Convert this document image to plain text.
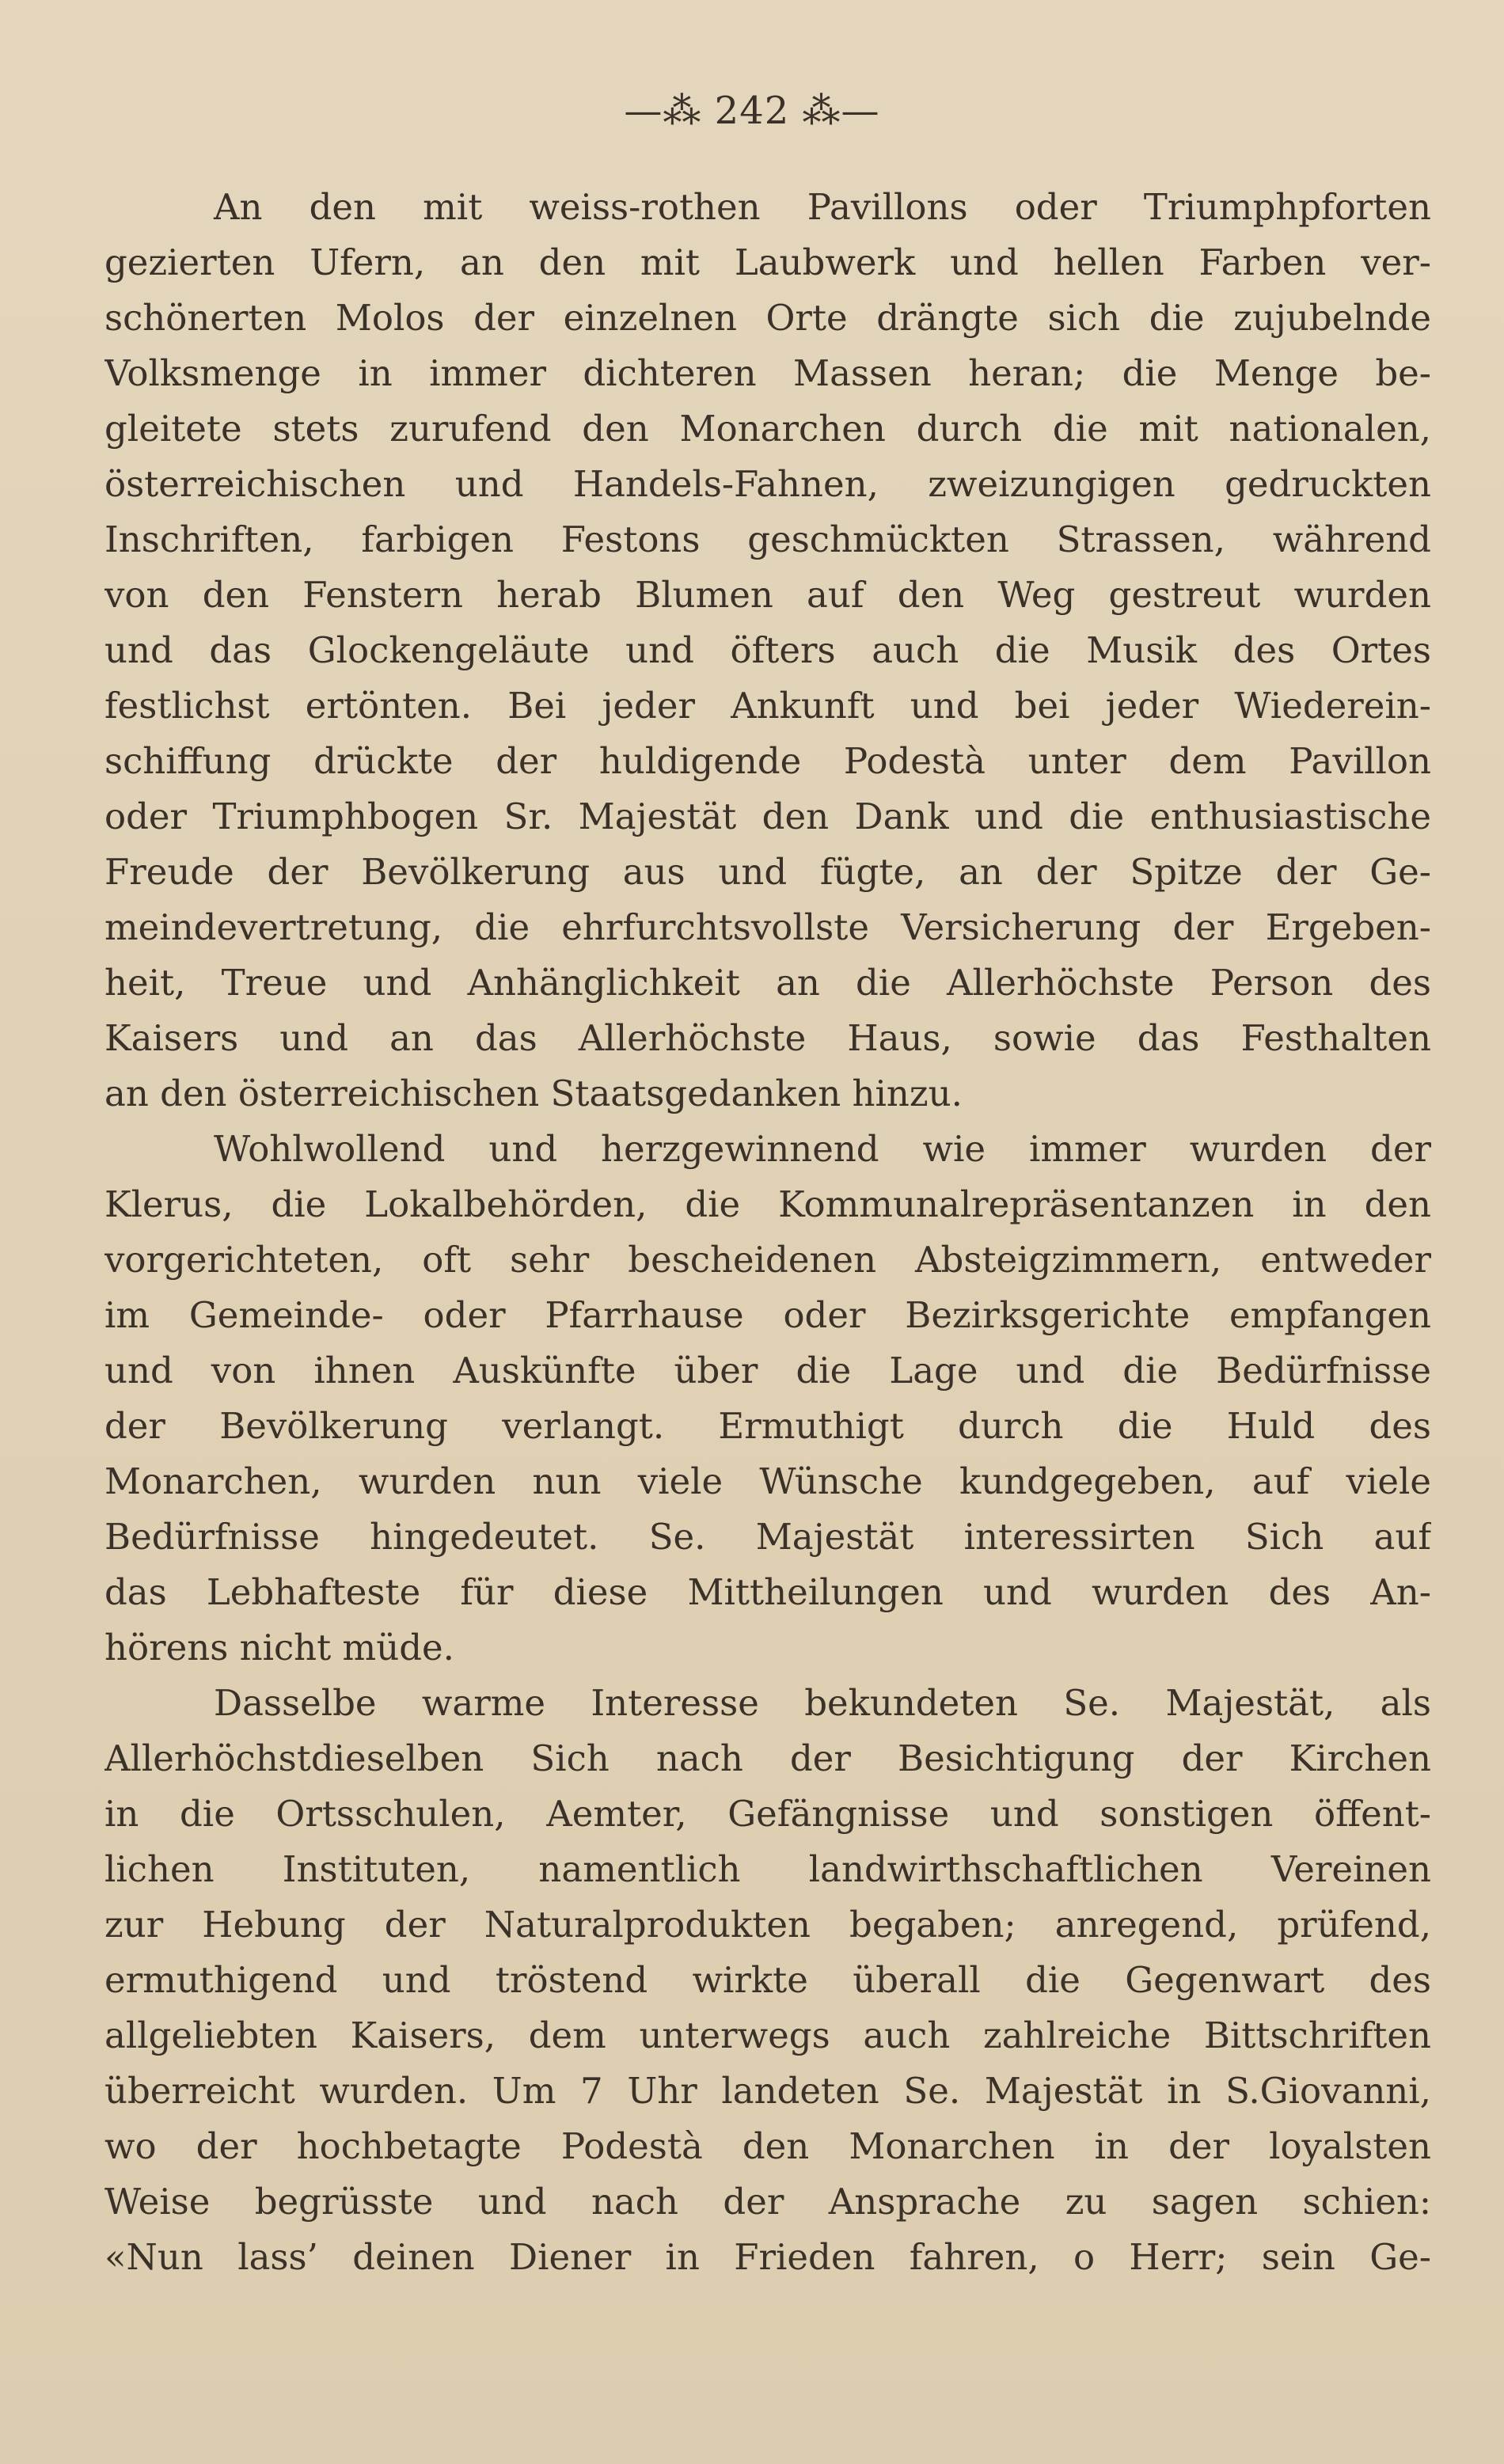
—⁂ 242 ⁂—
An den mit weiss-rothen Pavillons oder Triumphpforten
gezierten Ufern, an den mit Laubwerk und hellen Farben ver-
schönerten Molos der einzelnen Orte drängte sich die zujubelnde
Volksmenge in immer dichteren Massen heran; die Menge be-
gleitete stets zurufend den Monarchen durch die mit nationalen,
österreichischen und Handels-Fahnen, zweizungigen gedruckten
Inschriften, farbigen Festons geschmückten Strassen, während
von den Fenstern herab Blumen auf den Weg gestreut wurden
und das Glockengeläute und öfters auch die Musik des Ortes
festlichst ertönten. Bei jeder Ankunft und bei jeder Wiederein-
schiffung drückte der huldigende Podestà unter dem Pavillon
oder Triumphbogen Sr. Majestät den Dank und die enthusiastische
Freude der Bevölkerung aus und fügte, an der Spitze der Ge-
meindevertretung, die ehrfurchtsvollste Versicherung der Ergeben-
heit, Treue und Anhänglichkeit an die Allerhöchste Person des
Kaisers und an das Allerhöchste Haus, sowie das Festhalten
an den österreichischen Staatsgedanken hinzu.
Wohlwollend und herzgewinnend wie immer wurden der
Klerus, die Lokalbehörden, die Kommunalrepräsentanzen in den
vorgerichteten, oft sehr bescheidenen Absteigzimmern, entweder
im Gemeinde- oder Pfarrhause oder Bezirksgerichte empfangen
und von ihnen Auskünfte über die Lage und die Bedürfnisse
der Bevölkerung verlangt. Ermuthigt durch die Huld des
Monarchen, wurden nun viele Wünsche kundgegeben, auf viele
Bedürfnisse hingedeutet. Se. Majestät interessirten Sich auf
das Lebhafteste für diese Mittheilungen und wurden des An-
hörens nicht müde.
Dasselbe warme Interesse bekundeten Se. Majestät, als
Allerhöchstdieselben Sich nach der Besichtigung der Kirchen
in die Ortsschulen, Aemter, Gefängnisse und sonstigen öffent-
lichen Instituten, namentlich landwirthschaftlichen Vereinen
zur Hebung der Naturalprodukten begaben; anregend, prüfend,
ermuthigend und tröstend wirkte überall die Gegenwart des
allgeliebten Kaisers, dem unterwegs auch zahlreiche Bittschriften
überreicht wurden. Um 7 Uhr landeten Se. Majestät in S.Giovanni,
wo der hochbetagte Podestà den Monarchen in der loyalsten
Weise begrüsste und nach der Ansprache zu sagen schien:
«Nun lass’ deinen Diener in Frieden fahren, o Herr; sein Ge-
